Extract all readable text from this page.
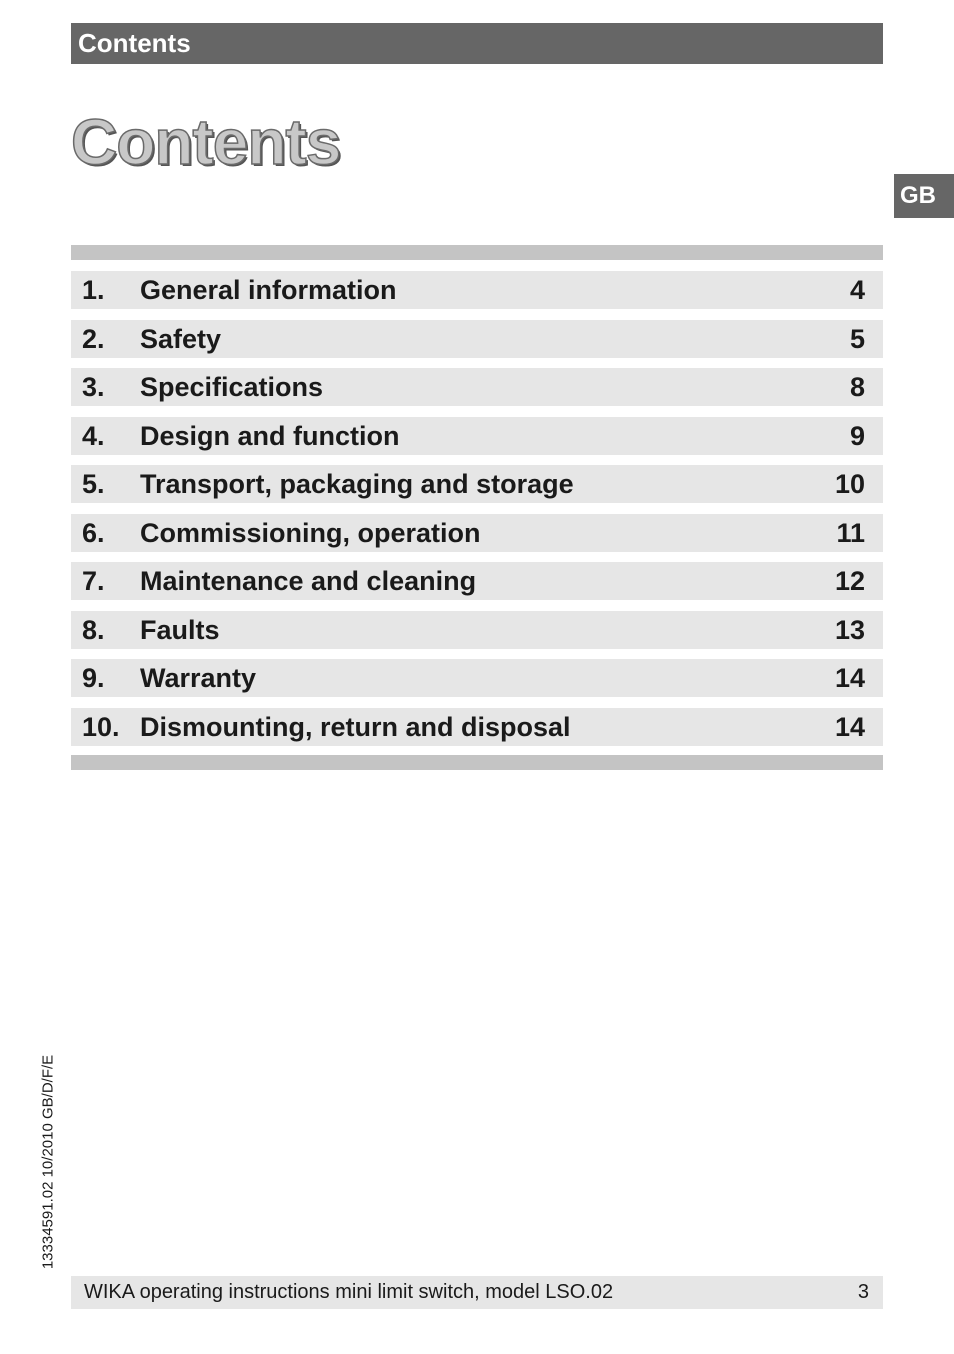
Contents
Contents
GB
1. General information	4
2. Safety	5
3. Specifications	8
4. Design and function	9
5. Transport, packaging and storage	10
6. Commissioning, operation	11
7. Maintenance and cleaning	12
8. Faults	13
9. Warranty	14
10. Dismounting, return and disposal	14
13334591.02 10/2010 GB/D/F/E
WIKA operating instructions mini limit switch, model LSO.02	3
